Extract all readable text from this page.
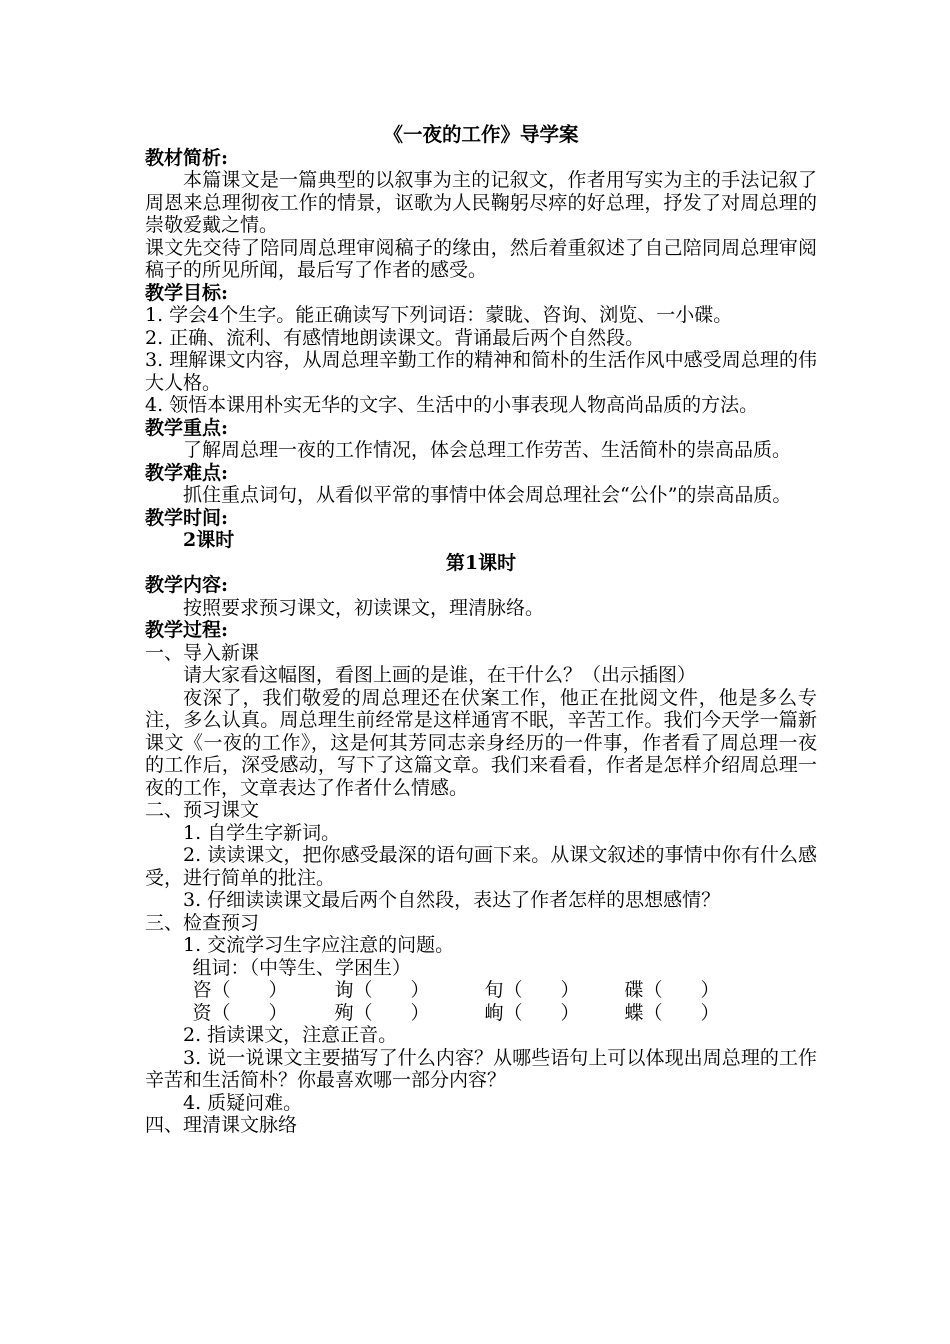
《一夜的工作》导学案

教材简析:

本篇课文是一篇典型的以叙事为主的记叙文，作者用写实为主的手法记叙了周恩来总理彻夜工作的情景，讴歌为人民鞠躬尽瘁的好总理，抒发了对周总理的崇敬爱戴之情。

课文先交待了陪同周总理审阅稿子的缘由，然后着重叙述了自己陪同周总理审阅稿子的所见所闻，最后写了作者的感受。

教学目标:

1. 学会4个生字。能正确读写下列词语：蒙眬、咨询、浏览、一小碟。

2. 正确、流利、有感情地朗读课文。背诵最后两个自然段。

3. 理解课文内容，从周总理辛勤工作的精神和简朴的生活作风中感受周总理的伟大人格。

4. 领悟本课用朴实无华的文字、生活中的小事表现人物高尚品质的方法。

教学重点:

了解周总理一夜的工作情况，体会总理工作劳苦、生活简朴的崇高品质。

教学难点:

抓住重点词句，从看似平常的事情中体会周总理社会“公仆”的崇高品质。

教学时间:

2课时

第1课时

教学内容:

按照要求预习课文，初读课文，理清脉络。

教学过程:

一、导入新课

请大家看这幅图，看图上画的是谁，在干什么？（出示插图）

夜深了，我们敬爱的周总理还在伏案工作，他正在批阅文件，他是多么专注，多么认真。周总理生前经常是这样通宵不眠，辛苦工作。我们今天学一篇新课文《一夜的工作》，这是何其芳同志亲身经历的一件事，作者看了周总理一夜的工作后，深受感动，写下了这篇文章。我们来看看，作者是怎样介绍周总理一夜的工作，文章表达了作者什么情感。

二、预习课文

1. 自学生字新词。

2. 读读课文，把你感受最深的语句画下来。从课文叙述的事情中你有什么感受，进行简单的批注。

3. 仔细读读课文最后两个自然段，表达了作者怎样的思想感情？

三、检查预习

1. 交流学习生字应注意的问题。

组词：（中等生、学困生）

咨（　　）	询（　　）	旬（　　）	碟（　　）
资（　　）	殉（　　）	峋（　　）	蝶（　　）

2. 指读课文，注意正音。

3. 说一说课文主要描写了什么内容？从哪些语句上可以体现出周总理的工作辛苦和生活简朴？你最喜欢哪一部分内容？

4. 质疑问难。

四、理清课文脉络
